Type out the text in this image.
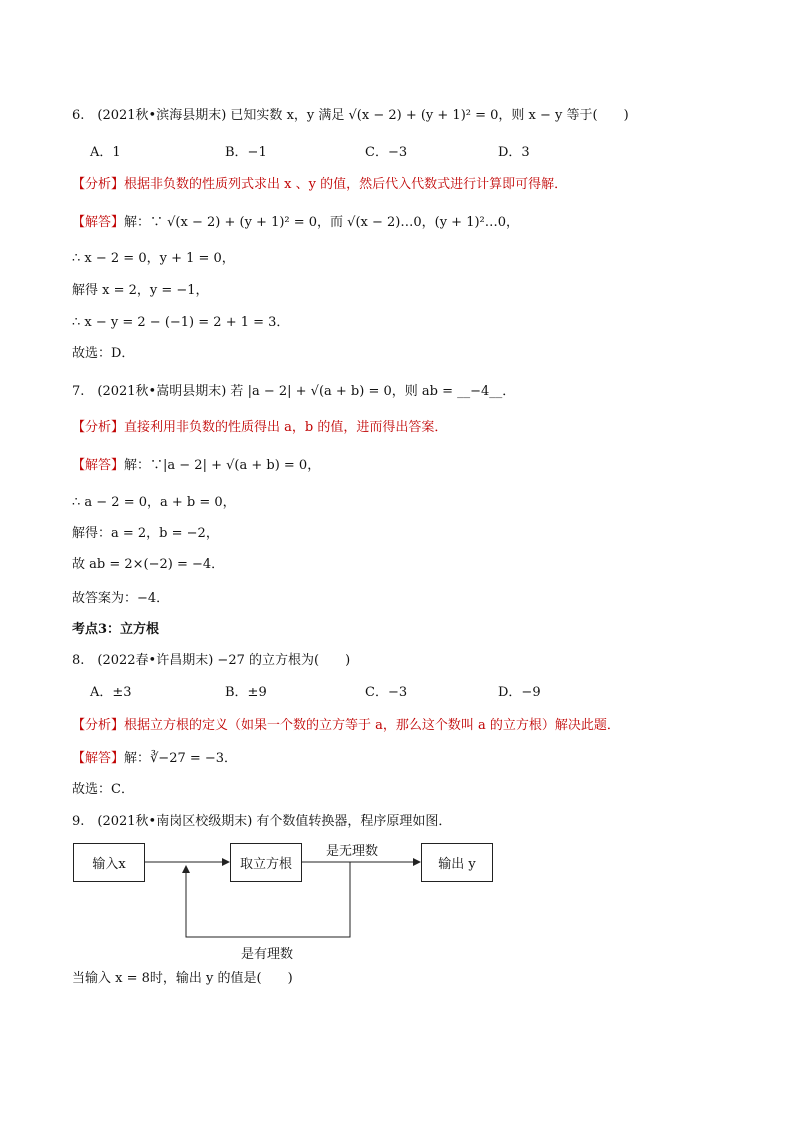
6.　(2021秋•滨海县期末) 已知实数 x，y 满足 √(x − 2) + (y + 1)² = 0，则 x − y 等于(　　)
A．1	B．−1	C．−3	D．3
【分析】根据非负数的性质列式求出 x 、y 的值，然后代入代数式进行计算即可得解．
【解答】解：∵ √(x − 2) + (y + 1)² = 0，而 √(x − 2)…0，(y + 1)²…0，
∴ x − 2 = 0，y + 1 = 0，
解得 x = 2，y = −1，
∴ x − y = 2 − (−1) = 2 + 1 = 3．
故选：D．
7.　(2021秋•嵩明县期末) 若 |a − 2| + √(a + b) = 0，则 ab = __−4__．
【分析】直接利用非负数的性质得出 a，b 的值，进而得出答案．
【解答】解：∵|a − 2| + √(a + b) = 0，
∴ a − 2 = 0，a + b = 0，
解得：a = 2，b = −2，
故 ab = 2×(−2) = −4．
故答案为：−4．
考点3：立方根
8.　(2022春•许昌期末) −27 的立方根为(　　)
A．±3	B．±9	C．−3	D．−9
【分析】根据立方根的定义（如果一个数的立方等于 a，那么这个数叫 a 的立方根）解决此题．
【解答】解：∛−27 = −3．
故选：C．
9.　(2021秋•南岗区校级期末) 有个数值转换器，程序原理如图．
输入x	取立方根	输出 y
是无理数
是有理数
当输入 x = 8时，输出 y 的值是(　　)
